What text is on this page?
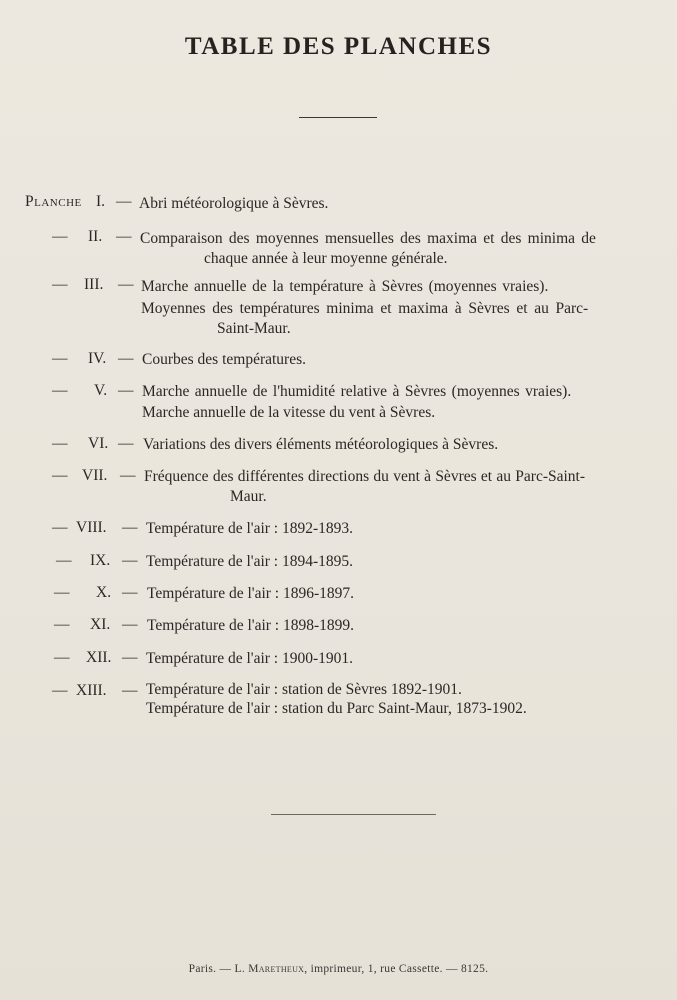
TABLE DES PLANCHES
Planche I. — Abri météorologique à Sèvres.
— II. — Comparaison des moyennes mensuelles des maxima et des minima de
chaque année à leur moyenne générale.
— III. — Marche annuelle de la température à Sèvres (moyennes vraies).
Moyennes des températures minima et maxima à Sèvres et au Parc-
Saint-Maur.
— IV. — Courbes des températures.
— V. — Marche annuelle de l'humidité relative à Sèvres (moyennes vraies).
Marche annuelle de la vitesse du vent à Sèvres.
— VI. — Variations des divers éléments météorologiques à Sèvres.
— VII. — Fréquence des différentes directions du vent à Sèvres et au Parc-Saint-
Maur.
— VIII. — Température de l'air : 1892-1893.
— IX. — Température de l'air : 1894-1895.
— X. — Température de l'air : 1896-1897.
— XI. — Température de l'air : 1898-1899.
— XII. — Température de l'air : 1900-1901.
— XIII. — Température de l'air : station de Sèvres 1892-1901.
Température de l'air : station du Parc Saint-Maur, 1873-1902.
Paris. — L. Maretheux, imprimeur, 1, rue Cassette. — 8125.
